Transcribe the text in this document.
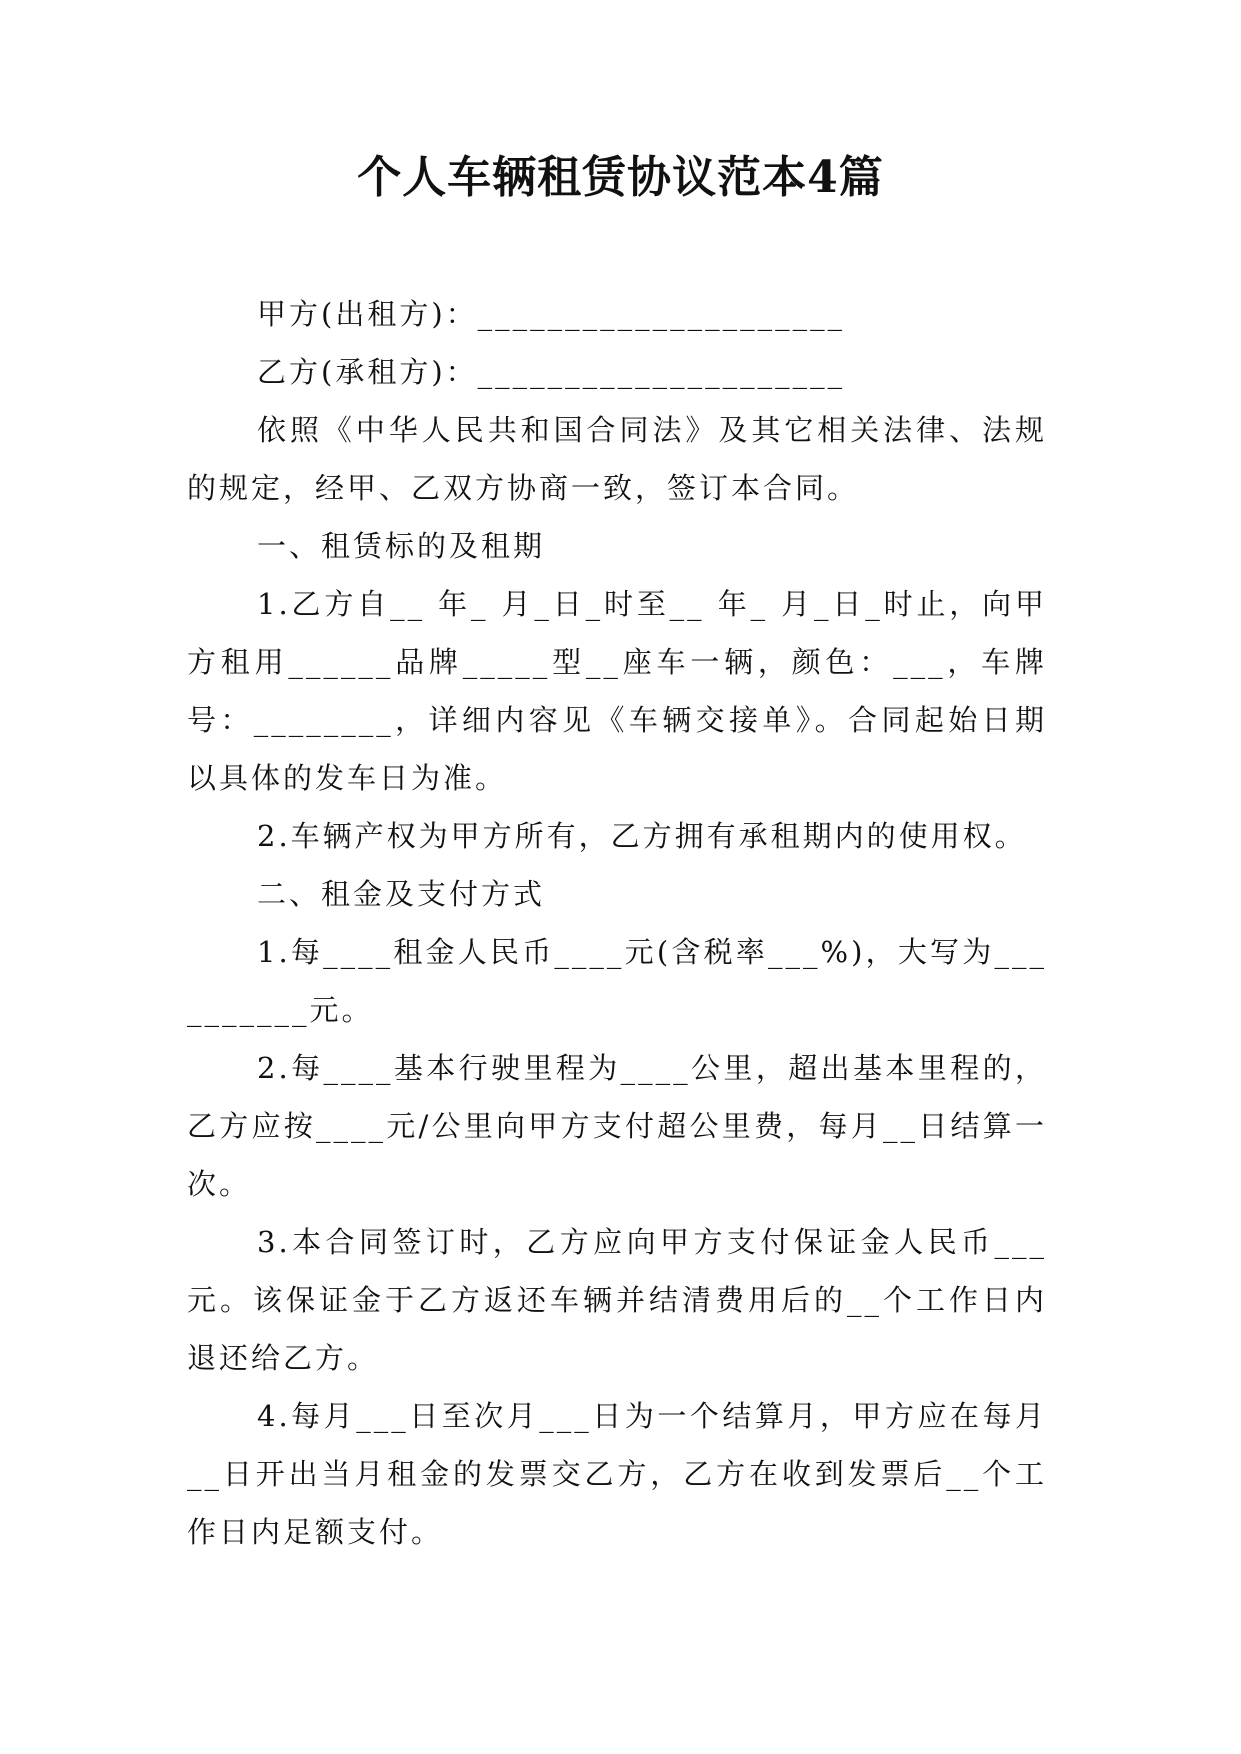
个人车辆租赁协议范本4篇

甲方(出租方)：_____________________

乙方(承租方)：_____________________

依照《中华人民共和国合同法》及其它相关法律、法规的规定，经甲、乙双方协商一致，签订本合同。

一、租赁标的及租期

1.乙方自__ 年_ 月_日_时至__ 年_ 月_日_时止，向甲方租用______品牌_____型__座车一辆，颜色：___，车牌号：________，详细内容见《车辆交接单》。合同起始日期以具体的发车日为准。

2.车辆产权为甲方所有，乙方拥有承租期内的使用权。

二、租金及支付方式

1.每____租金人民币____元(含税率___%)，大写为__________元。

2.每____基本行驶里程为____公里，超出基本里程的，乙方应按____元/公里向甲方支付超公里费，每月__日结算一次。

3.本合同签订时，乙方应向甲方支付保证金人民币___元。该保证金于乙方返还车辆并结清费用后的__个工作日内退还给乙方。

4.每月___日至次月___日为一个结算月，甲方应在每月__日开出当月租金的发票交乙方，乙方在收到发票后__个工作日内足额支付。
